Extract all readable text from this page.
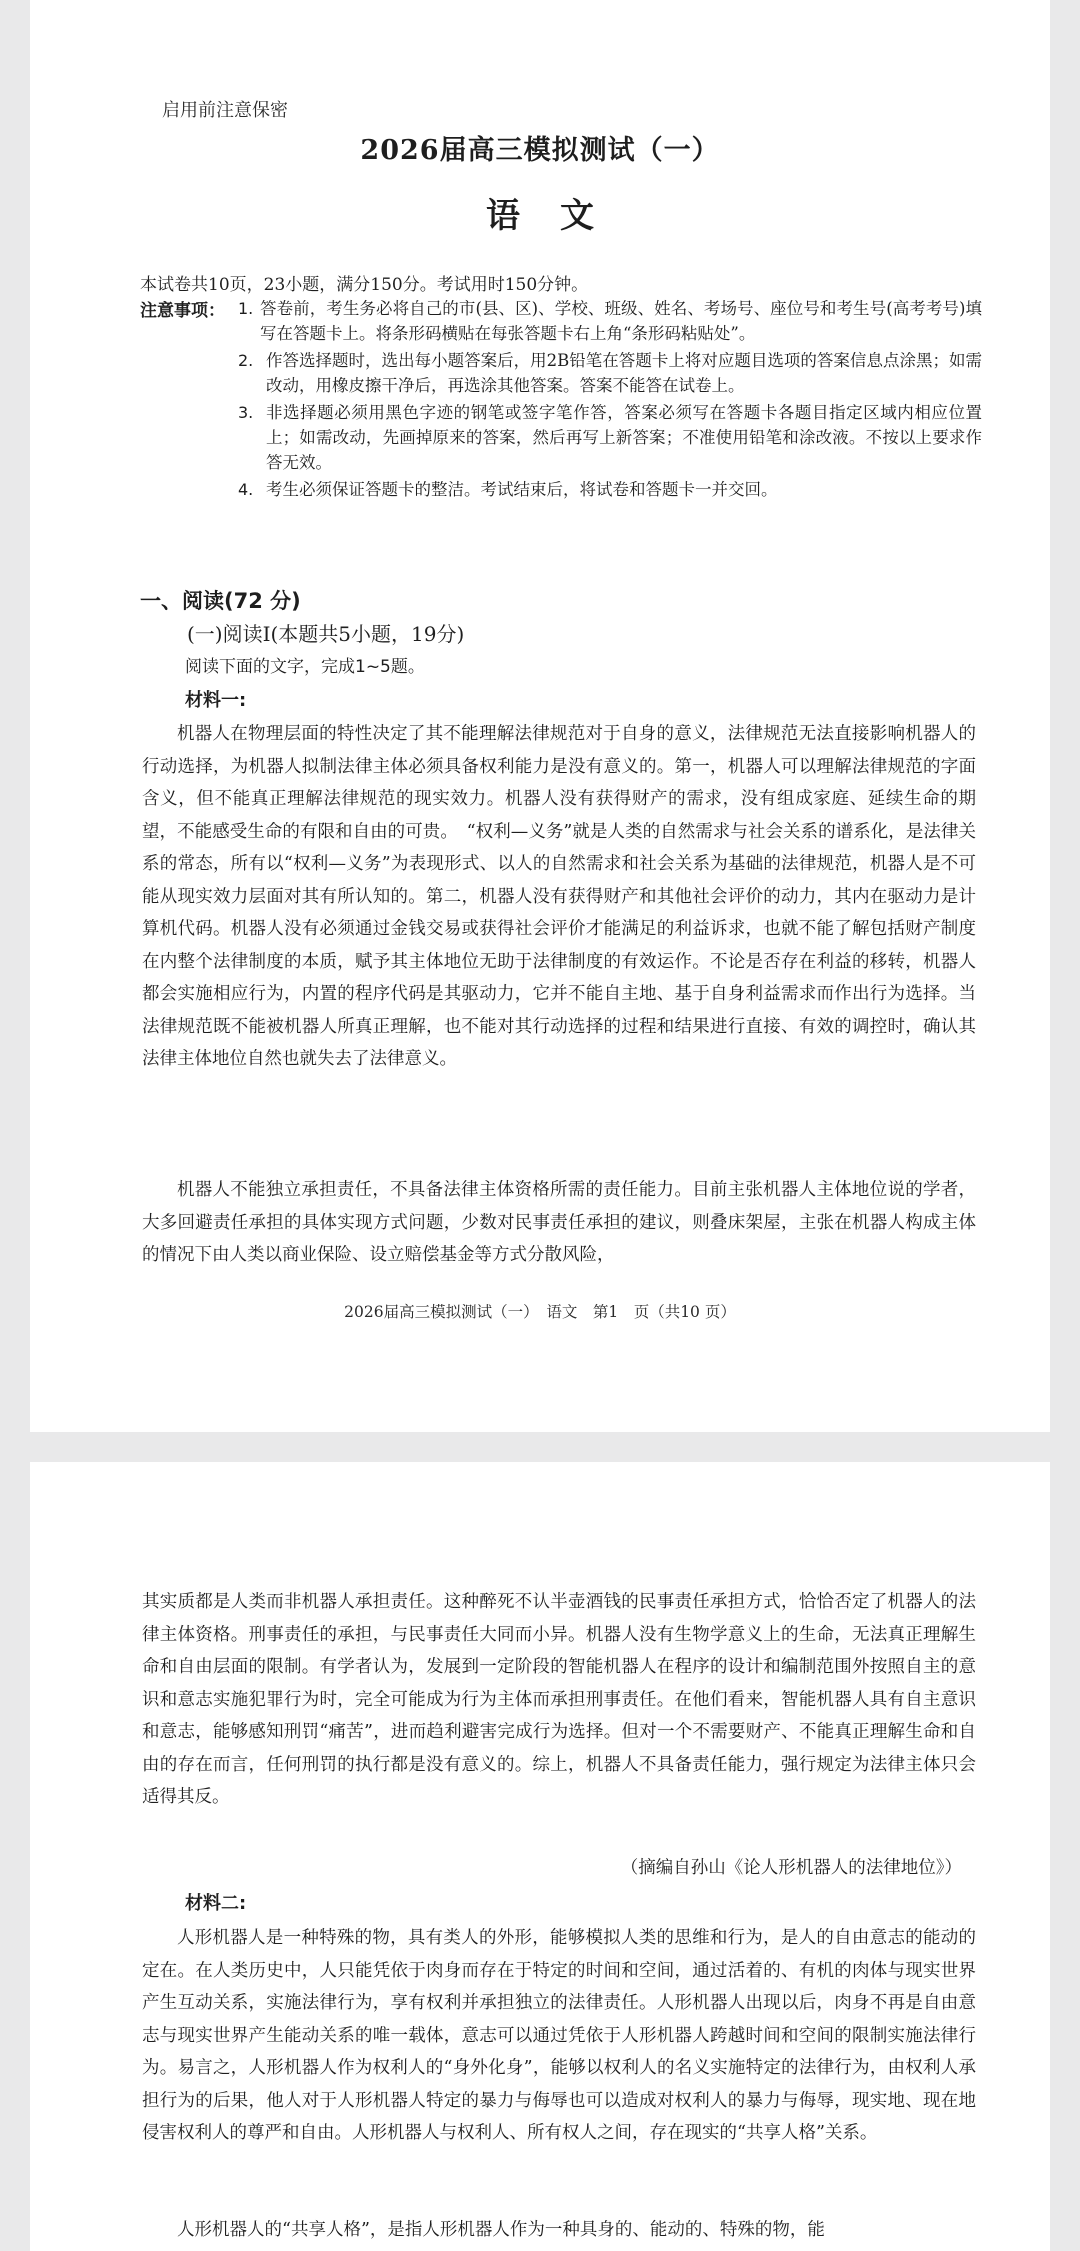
启用前注意保密
2026届高三模拟测试（一）
语文
本试卷共10页，23小题，满分150分。考试用时150分钟。
注意事项： 1. 答卷前，考生务必将自己的市(县、区)、学校、班级、姓名、考场号、座位号和考生号(高考考号)填写在答题卡上。将条形码横贴在每张答题卡右上角“条形码粘贴处”。
2. 作答选择题时，选出每小题答案后，用2B铅笔在答题卡上将对应题目选项的答案信息点涂黑；如需改动，用橡皮擦干净后，再选涂其他答案。答案不能答在试卷上。
3. 非选择题必须用黑色字迹的钢笔或签字笔作答，答案必须写在答题卡各题目指定区域内相应位置上；如需改动，先画掉原来的答案，然后再写上新答案；不准使用铅笔和涂改液。不按以上要求作答无效。
4. 考生必须保证答题卡的整洁。考试结束后，将试卷和答题卡一并交回。
一、阅读(72 分)
(一)阅读I(本题共5小题，19分)
阅读下面的文字，完成1~5题。
材料一:

机器人在物理层面的特性决定了其不能理解法律规范对于自身的意义，法律规范无法直接影响机器人的行动选择，为机器人拟制法律主体必须具备权利能力是没有意义的。第一，机器人可以理解法律规范的字面含义，但不能真正理解法律规范的现实效力。机器人没有获得财产的需求，没有组成家庭、延续生命的期望，不能感受生命的有限和自由的可贵。　“权利—义务”就是人类的自然需求与社会关系的谱系化，是法律关系的常态，所有以“权利—义务”为表现形式、以人的自然需求和社会关系为基础的法律规范，机器人是不可能从现实效力层面对其有所认知的。第二，机器人没有获得财产和其他社会评价的动力，其内在驱动力是计算机代码。机器人没有必须通过金钱交易或获得社会评价才能满足的利益诉求，也就不能了解包括财产制度在内整个法律制度的本质，赋予其主体地位无助于法律制度的有效运作。不论是否存在利益的移转，机器人都会实施相应行为，内置的程序代码是其驱动力，它并不能自主地、基于自身利益需求而作出行为选择。当法律规范既不能被机器人所真正理解，也不能对其行动选择的过程和结果进行直接、有效的调控时，确认其法律主体地位自然也就失去了法律意义。

机器人不能独立承担责任，不具备法律主体资格所需的责任能力。目前主张机器人主体地位说的学者，大多回避责任承担的具体实现方式问题，少数对民事责任承担的建议，则叠床架屋，主张在机器人构成主体的情况下由人类以商业保险、设立赔偿基金等方式分散风险，

2026届高三模拟测试（一）　语文　第1　页（共10 页）

其实质都是人类而非机器人承担责任。这种醉死不认半壶酒钱的民事责任承担方式，恰恰否定了机器人的法律主体资格。刑事责任的承担，与民事责任大同而小异。机器人没有生物学意义上的生命，无法真正理解生命和自由层面的限制。有学者认为，发展到一定阶段的智能机器人在程序的设计和编制范围外按照自主的意识和意志实施犯罪行为时，完全可能成为行为主体而承担刑事责任。在他们看来，智能机器人具有自主意识和意志，能够感知刑罚“痛苦”，进而趋利避害完成行为选择。但对一个不需要财产、不能真正理解生命和自由的存在而言，任何刑罚的执行都是没有意义的。综上，机器人不具备责任能力，强行规定为法律主体只会适得其反。

（摘编自孙山《论人形机器人的法律地位》）
材料二:

人形机器人是一种特殊的物，具有类人的外形，能够模拟人类的思维和行为，是人的自由意志的能动的定在。在人类历史中，人只能凭依于肉身而存在于特定的时间和空间，通过活着的、有机的肉体与现实世界产生互动关系，实施法律行为，享有权利并承担独立的法律责任。人形机器人出现以后，肉身不再是自由意志与现实世界产生能动关系的唯一载体，意志可以通过凭依于人形机器人跨越时间和空间的限制实施法律行为。易言之，人形机器人作为权利人的“身外化身”，能够以权利人的名义实施特定的法律行为，由权利人承担行为的后果，他人对于人形机器人特定的暴力与侮辱也可以造成对权利人的暴力与侮辱，现实地、现在地侵害权利人的尊严和自由。人形机器人与权利人、所有权人之间，存在现实的“共享人格”关系。

人形机器人的“共享人格”，是指人形机器人作为一种具身的、能动的、特殊的物，能
